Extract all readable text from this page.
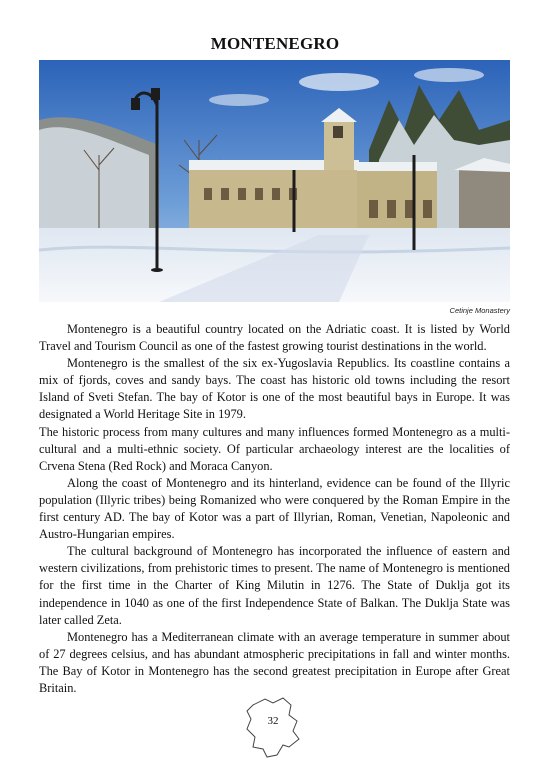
MONTENEGRO
Cetinje Monastery

Montenegro is a beautiful country located on the Adriatic coast. It is listed by World Travel and Tourism Council as one of the fastest growing tourist destinations in the world.

Montenegro is the smallest of the six ex-Yugoslavia Republics. Its coastline contains a mix of fjords, coves and sandy bays. The coast has historic old towns including the resort Island of Sveti Stefan. The bay of Kotor is one of the most beautiful bays in Europe. It was designated a World Heritage Site in 1979.

The historic process from many cultures and many influences formed Montenegro as a multi-cultural and a multi-ethnic society. Of particular archaeology interest are the localities of Crvena Stena (Red Rock) and Moraca Canyon.

Along the coast of Montenegro and its hinterland, evidence can be found of the Illyric population (Illyric tribes) being Romanized who were conquered by the Roman Empire in the first century AD. The bay of Kotor was a part of Illyrian, Roman, Venetian, Napoleonic and Austro-Hungarian empires.

The cultural background of Montenegro has incorporated the influence of eastern and western civilizations, from prehistoric times to present. The name of Montenegro is mentioned for the first time in the Charter of King Milutin in 1276. The State of Duklja got its independence in 1040 as one of the first Independence State of Balkan. The Duklja State was later called Zeta.

Montenegro has a Mediterranean climate with an average temperature in summer about of 27 degrees celsius, and has abundant atmospheric precipitations in fall and winter months. The Bay of Kotor in Montenegro has the second greatest precipitation in Europe after Great Britain.

32
